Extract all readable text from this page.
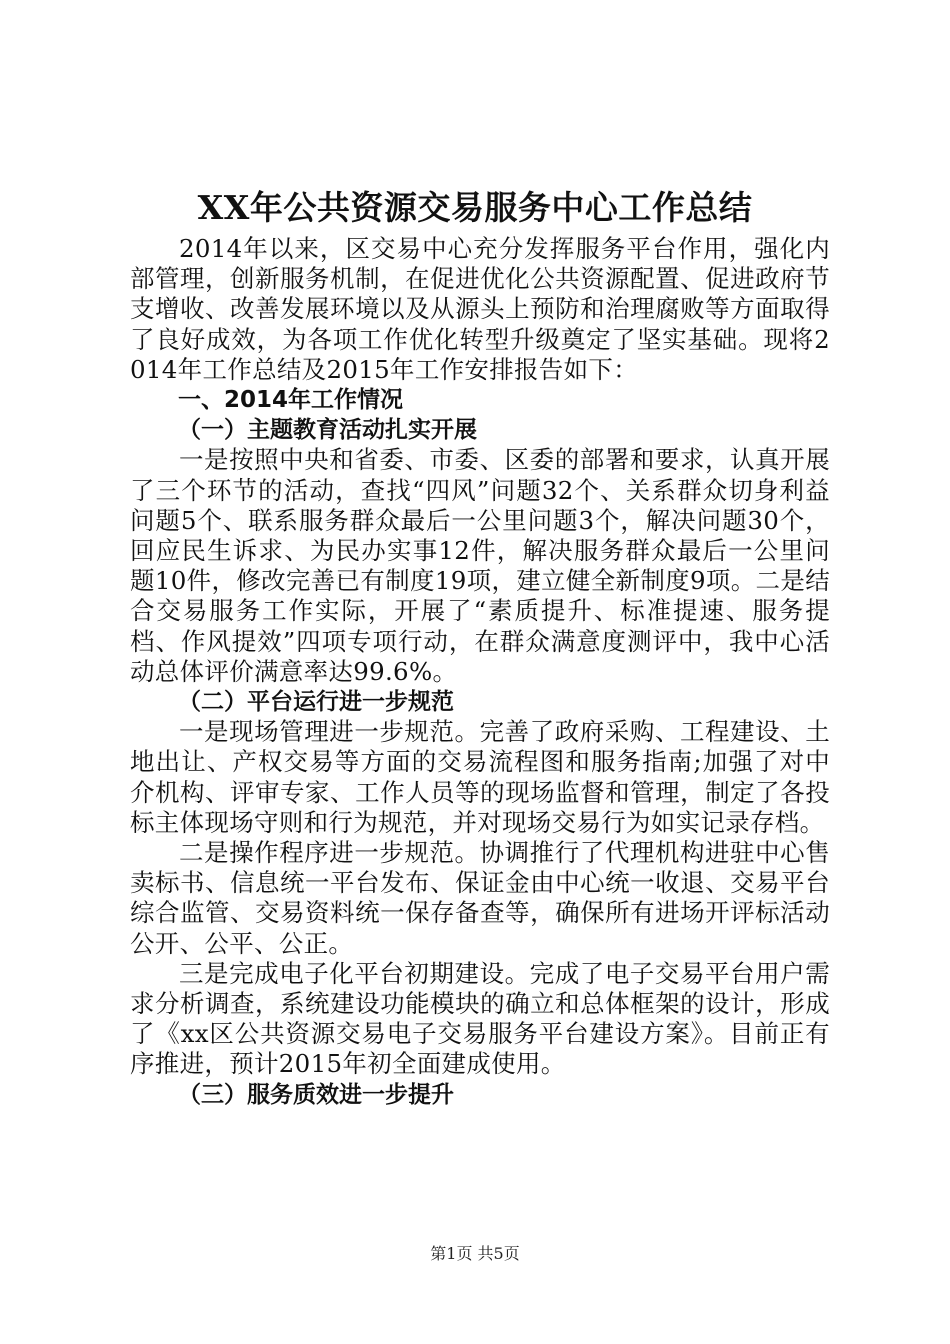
XX年公共资源交易服务中心工作总结

2014年以来，区交易中心充分发挥服务平台作用，强化内部管理，创新服务机制，在促进优化公共资源配置、促进政府节支增收、改善发展环境以及从源头上预防和治理腐败等方面取得了良好成效，为各项工作优化转型升级奠定了坚实基础。现将2014年工作总结及2015年工作安排报告如下：

一、2014年工作情况

（一）主题教育活动扎实开展

一是按照中央和省委、市委、区委的部署和要求，认真开展了三个环节的活动，查找“四风”问题32个、关系群众切身利益问题5个、联系服务群众最后一公里问题3个，解决问题30个，回应民生诉求、为民办实事12件，解决服务群众最后一公里问题10件，修改完善已有制度19项，建立健全新制度9项。二是结合交易服务工作实际，开展了“素质提升、标准提速、服务提档、作风提效”四项专项行动，在群众满意度测评中，我中心活动总体评价满意率达99.6%。

（二）平台运行进一步规范

一是现场管理进一步规范。完善了政府采购、工程建设、土地出让、产权交易等方面的交易流程图和服务指南;加强了对中介机构、评审专家、工作人员等的现场监督和管理，制定了各投标主体现场守则和行为规范，并对现场交易行为如实记录存档。

二是操作程序进一步规范。协调推行了代理机构进驻中心售卖标书、信息统一平台发布、保证金由中心统一收退、交易平台综合监管、交易资料统一保存备查等，确保所有进场开评标活动公开、公平、公正。

三是完成电子化平台初期建设。完成了电子交易平台用户需求分析调查，系统建设功能模块的确立和总体框架的设计，形成了《xx区公共资源交易电子交易服务平台建设方案》。目前正有序推进，预计2015年初全面建成使用。

（三）服务质效进一步提升

第1页 共5页
